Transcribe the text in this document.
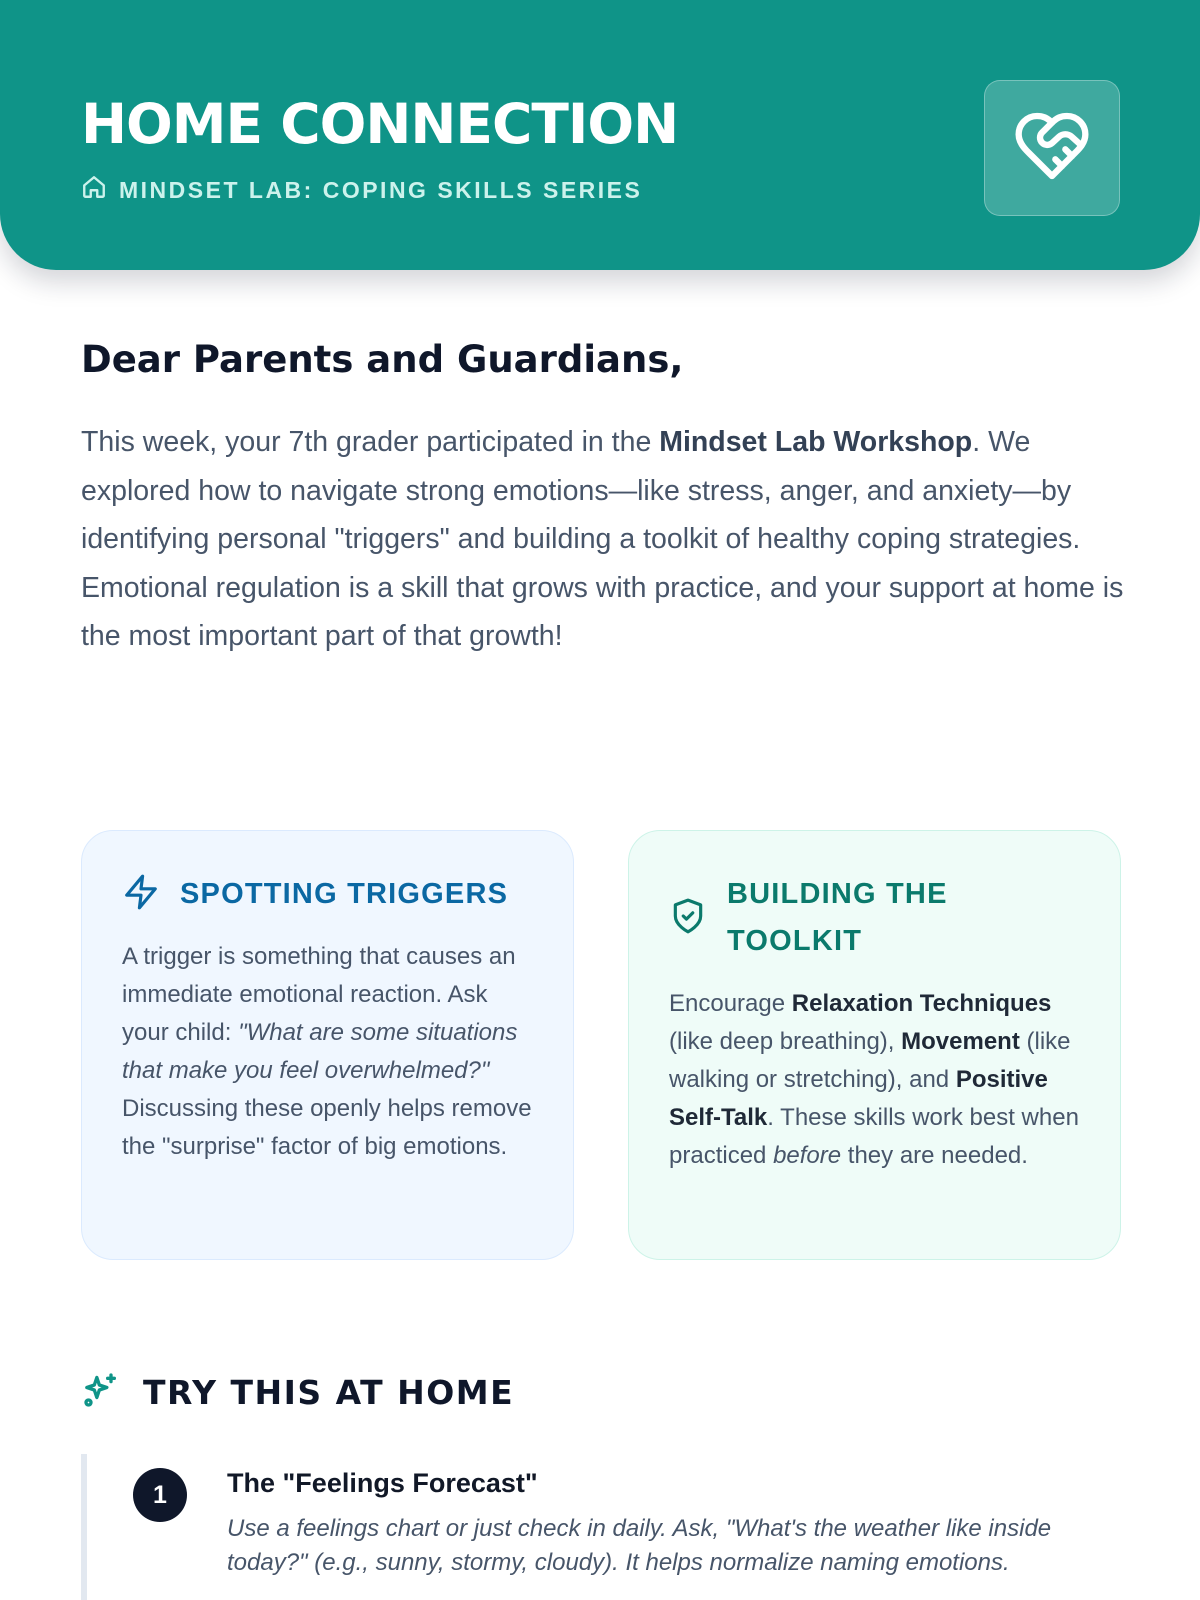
HOME CONNECTION
MINDSET LAB: COPING SKILLS SERIES
Dear Parents and Guardians,

This week, your 7th grader participated in the Mindset Lab Workshop. We explored how to navigate strong emotions—like stress, anger, and anxiety—by identifying personal "triggers" and building a toolkit of healthy coping strategies. Emotional regulation is a skill that grows with practice, and your support at home is the most important part of that growth!

SPOTTING TRIGGERS

A trigger is something that causes an immediate emotional reaction. Ask your child: "What are some situations that make you feel overwhelmed?" Discussing these openly helps remove the "surprise" factor of big emotions.

BUILDING THE TOOLKIT

Encourage Relaxation Techniques (like deep breathing), Movement (like walking or stretching), and Positive Self-Talk. These skills work best when practiced before they are needed.

TRY THIS AT HOME
1	The "Feelings Forecast"
Use a feelings chart or just check in daily. Ask, "What's the weather like inside today?" (e.g., sunny, stormy, cloudy). It helps normalize naming emotions.
